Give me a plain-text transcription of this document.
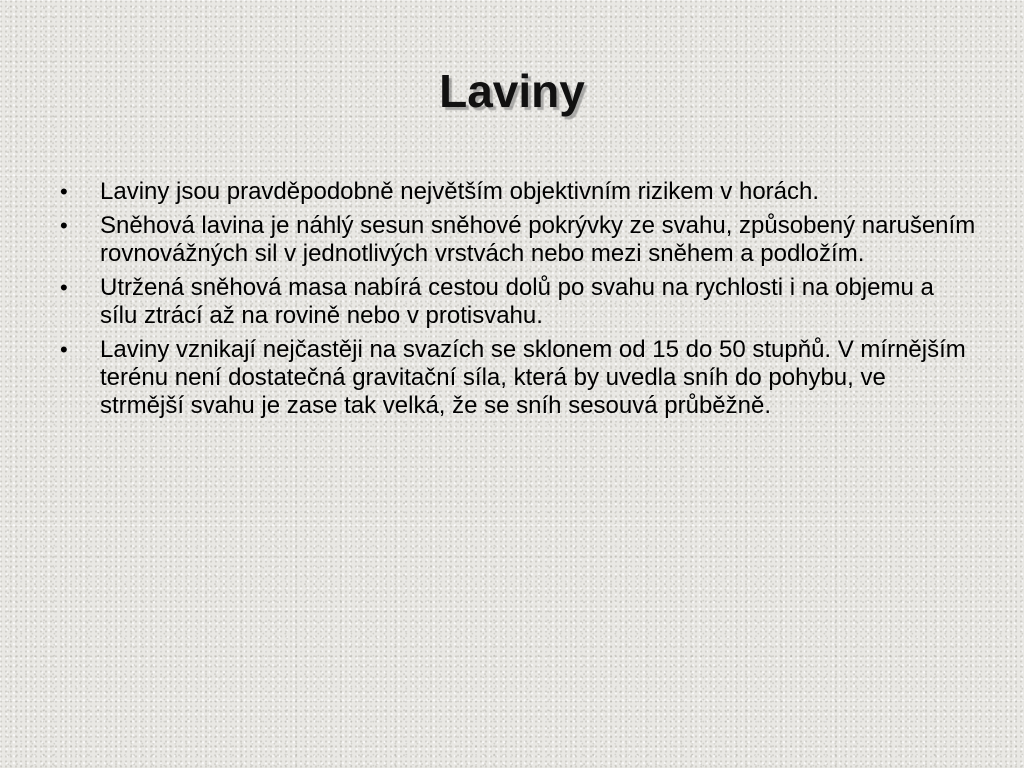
Laviny
•	Laviny jsou pravděpodobně největším objektivním rizikem v horách.
•	Sněhová lavina je náhlý sesun sněhové pokrývky ze svahu, způsobený narušením rovnovážných sil v jednotlivých vrstvách nebo mezi sněhem a podložím.
•	Utržená sněhová masa nabírá cestou dolů po svahu na rychlosti i na objemu a sílu ztrácí až na rovině nebo v protisvahu.
•	Laviny vznikají nejčastěji na svazích se sklonem od 15 do 50 stupňů. V mírnějším terénu není dostatečná gravitační síla, která by uvedla sníh do pohybu, ve strmější svahu je zase tak velká, že se sníh sesouvá průběžně.
